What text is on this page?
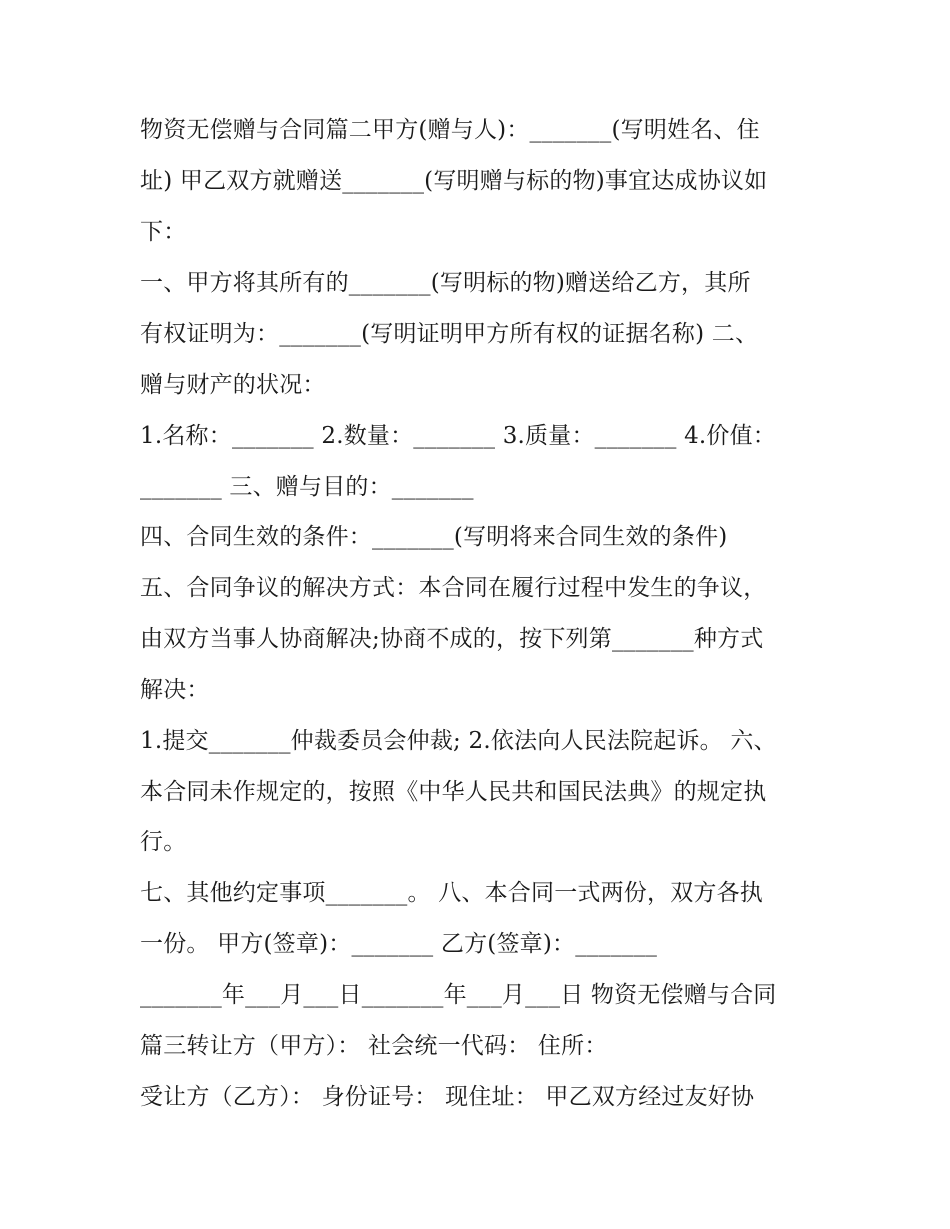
物资无偿赠与合同篇二甲方(赠与人)：_______(写明姓名、住
址) 甲乙双方就赠送_______(写明赠与标的物)事宜达成协议如
下：
一、甲方将其所有的_______(写明标的物)赠送给乙方，其所
有权证明为：_______(写明证明甲方所有权的证据名称) 二、
赠与财产的状况：
1.名称：_______ 2.数量：_______ 3.质量：_______ 4.价值：
_______ 三、赠与目的：_______
四、合同生效的条件：_______(写明将来合同生效的条件)
五、合同争议的解决方式：本合同在履行过程中发生的争议，
由双方当事人协商解决;协商不成的，按下列第_______种方式
解决：
1.提交_______仲裁委员会仲裁; 2.依法向人民法院起诉。 六、
本合同未作规定的，按照《中华人民共和国民法典》的规定执
行。
七、其他约定事项_______。 八、本合同一式两份，双方各执
一份。 甲方(签章)：_______ 乙方(签章)：_______
_______年___月___日_______年___月___日 物资无偿赠与合同
篇三转让方（甲方）： 社会统一代码： 住所：
受让方（乙方）： 身份证号： 现住址： 甲乙双方经过友好协
